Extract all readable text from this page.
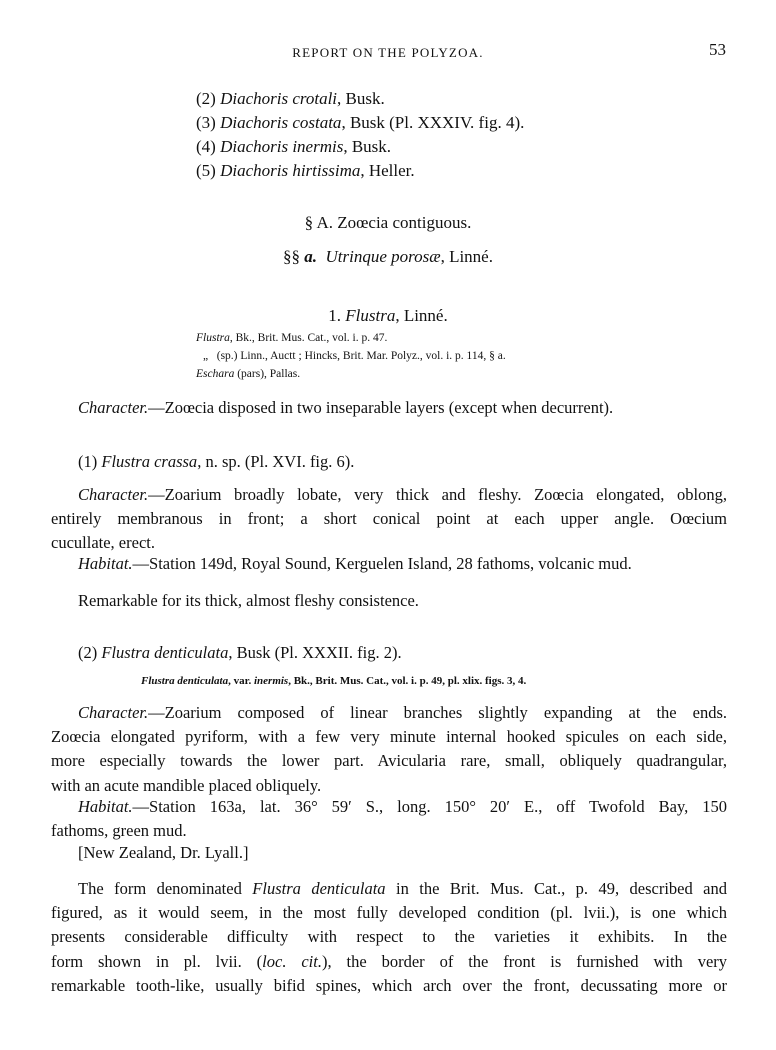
REPORT ON THE POLYZOA.	53
(2) Diachoris crotali, Busk.
(3) Diachoris costata, Busk (Pl. XXXIV. fig. 4).
(4) Diachoris inermis, Busk.
(5) Diachoris hirtissima, Heller.
§ A. Zoœcia contiguous.
§§ a. Utrinque porosæ, Linné.
1. Flustra, Linné.
Flustra, Bk., Brit. Mus. Cat., vol. i. p. 47.
„ (sp.) Linn., Auctt ; Hincks, Brit. Mar. Polyz., vol. i. p. 114, § a.
Eschara (pars), Pallas.
Character.—Zoœcia disposed in two inseparable layers (except when decurrent).
(1) Flustra crassa, n. sp. (Pl. XVI. fig. 6).
Character.—Zoarium broadly lobate, very thick and fleshy. Zoœcia elongated, oblong,
entirely membranous in front; a short conical point at each upper angle. Oœcium
cucullate, erect.
Habitat.—Station 149d, Royal Sound, Kerguelen Island, 28 fathoms, volcanic mud.
Remarkable for its thick, almost fleshy consistence.
(2) Flustra denticulata, Busk (Pl. XXXII. fig. 2).
Flustra denticulata, var. inermis, Bk., Brit. Mus. Cat., vol. i. p. 49, pl. xlix. figs. 3, 4.
Character.—Zoarium composed of linear branches slightly expanding at the ends.
Zoœcia elongated pyriform, with a few very minute internal hooked spicules on each side,
more especially towards the lower part. Avicularia rare, small, obliquely quadrangular,
with an acute mandible placed obliquely.
Habitat.—Station 163a, lat. 36° 59′ S., long. 150° 20′ E., off Twofold Bay, 150
fathoms, green mud.
[New Zealand, Dr. Lyall.]
The form denominated Flustra denticulata in the Brit. Mus. Cat., p. 49, described and
figured, as it would seem, in the most fully developed condition (pl. lvii.), is one which
presents considerable difficulty with respect to the varieties it exhibits. In the
form shown in pl. lvii. (loc. cit.), the border of the front is furnished with very
remarkable tooth-like, usually bifid spines, which arch over the front, decussating more or
